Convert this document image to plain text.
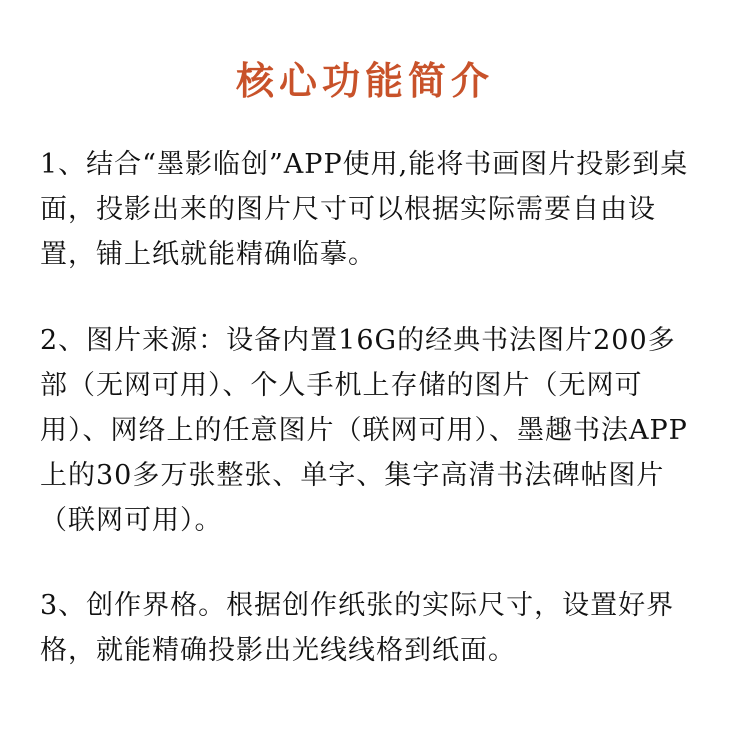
核心功能简介

1、结合“墨影临创”APP使用,能将书画图片投影到桌面，投影出来的图片尺寸可以根据实际需要自由设置，铺上纸就能精确临摹。

2、图片来源：设备内置16G的经典书法图片200多部（无网可用）、个人手机上存储的图片（无网可用）、网络上的任意图片（联网可用）、墨趣书法APP上的30多万张整张、单字、集字高清书法碑帖图片（联网可用）。

3、创作界格。根据创作纸张的实际尺寸，设置好界格，就能精确投影出光线线格到纸面。
